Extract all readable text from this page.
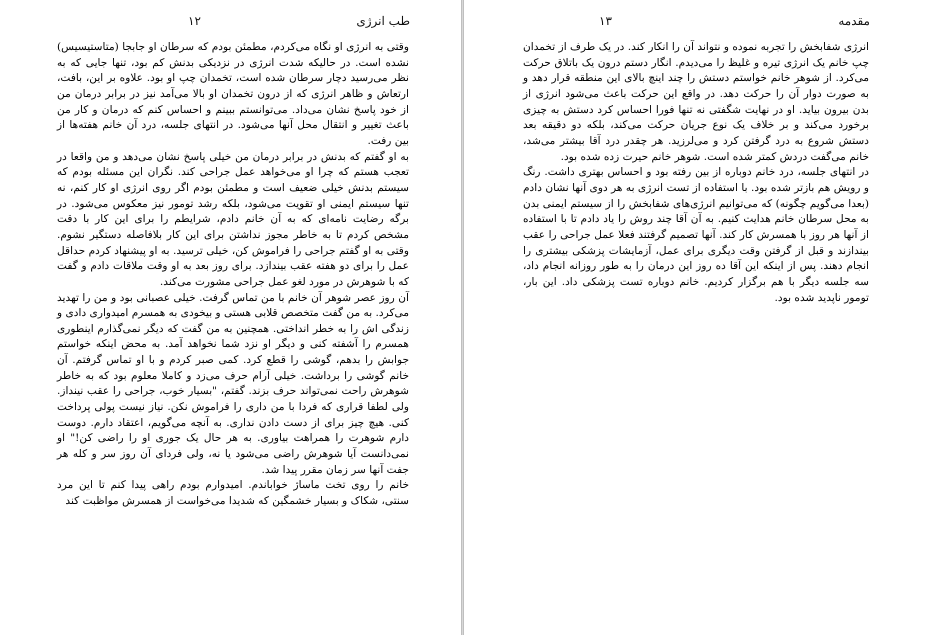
طب انرژی
۱۲

وقتی به انرژی او نگاه می‌کردم، مطمئن بودم که سرطان او جابجا (متاستیسیس) نشده است. در حالیکه شدت انرژی در نزدیکی بدنش کم بود، تنها جایی که به نظر می‌رسید دچار سرطان شده است، تخمدان چپ او بود. علاوه بر این، بافت، ارتعاش و ظاهر انرژی که از درون تخمدان او بالا می‌آمد نیز در برابر درمان من از خود پاسخ نشان می‌داد. می‌توانستم ببینم و احساس کنم که درمان و کار من باعث تغییر و انتقال محل آنها می‌شود. در انتهای جلسه، درد آن خانم هفته‌ها از بین رفت.

به او گفتم که بدنش در برابر درمان من خیلی پاسخ نشان می‌دهد و من واقعا در تعجب هستم که چرا او می‌خواهد عمل جراحی کند. نگران این مسئله بودم که سیستم بدنش خیلی ضعیف است و مطمئن بودم اگر روی انرژی او کار کنم، نه تنها سیستم ایمنی او تقویت می‌شود، بلکه رشد تومور نیز معکوس می‌شود. در برگه رضایت نامه‌ای که به آن خانم دادم، شرایطم را برای این کار با دقت مشخص کردم تا به خاطر مجوز نداشتن برای این کار بلافاصله دستگیر نشوم. وقتی به او گفتم جراحی را فراموش کن، خیلی ترسید. به او پیشنهاد کردم حداقل عمل را برای دو هفته عقب بیندازد. برای روز بعد به او وقت ملاقات دادم و گفت که با شوهرش در مورد لغو عمل جراحی مشورت می‌کند.

آن روز عصر شوهر آن خانم با من تماس گرفت. خیلی عصبانی بود و من را تهدید می‌کرد. به من گفت متخصص قلابی هستی و بیخودی به همسرم امیدواری دادی و زندگی اش را به خطر انداختی. همچنین به من گفت که دیگر نمی‌گذارم اینطوری همسرم را آشفته کنی و دیگر او نزد شما نخواهد آمد. به محض اینکه خواستم جوابش را بدهم، گوشی را قطع کرد. کمی صبر کردم و با او تماس گرفتم. آن خانم گوشی را برداشت. خیلی آرام حرف می‌زد و کاملا معلوم بود که به خاطر شوهرش راحت نمی‌تواند حرف بزند. گفتم، "بسیار خوب، جراحی را عقب نینداز. ولی لطفا قراری که فردا با من داری را فراموش نکن. نیاز نیست پولی پرداخت کنی. هیچ چیز برای از دست دادن نداری. به آنچه می‌گویم، اعتقاد دارم. دوست دارم شوهرت را همراهت بیاوری. به هر حال یک جوری او را راضی کن!" او نمی‌دانست آیا شوهرش راضی می‌شود یا نه، ولی فردای آن روز سر و کله هر جفت آنها سر زمان مقرر پیدا شد.

خانم را روی تخت ماساژ خواباندم. امیدوارم بودم راهی پیدا کنم تا این مرد سنتی، شکاک و بسیار خشمگین که شدیدا می‌خواست از همسرش مواظبت کند

مقدمه
۱۳

انرژی شفابخش را تجربه نموده و نتواند آن را انکار کند. در یک طرف از تخمدان چپ خانم یک انرژی تیره و غلیظ را می‌دیدم. انگار دستم درون یک باتلاق حرکت می‌کرد. از شوهر خانم خواستم دستش را چند اینچ بالای این منطقه قرار دهد و به صورت دوار آن را حرکت دهد. در واقع این حرکت باعث می‌شود انرژی از بدن بیرون بیاید. او در نهایت شگفتی نه تنها فورا احساس کرد دستش به چیزی برخورد می‌کند و بر خلاف یک نوع جریان حرکت می‌کند، بلکه دو دقیقه بعد دستش شروع به درد گرفتن کرد و می‌لرزید. هر چقدر درد آقا بیشتر می‌شد، خانم می‌گفت دردش کمتر شده است. شوهر خانم حیرت زده شده بود.

در انتهای جلسه، درد خانم دوباره از بین رفته بود و احساس بهتری داشت. رنگ و رویش هم بازتر شده بود. با استفاده از تست انرژی به هر دوی آنها نشان دادم (بعدا می‌گویم چگونه) که می‌توانیم انرژی‌های شفابخش را از سیستم ایمنی بدن به محل سرطان خانم هدایت کنیم. به آن آقا چند روش را یاد دادم تا با استفاده از آنها هر روز با همسرش کار کند. آنها تصمیم گرفتند فعلا عمل جراحی را عقب بیندازند و قبل از گرفتن وقت دیگری برای عمل، آزمایشات پزشکی بیشتری را انجام دهند. پس از اینکه این آقا ده روز این درمان را به طور روزانه انجام داد، سه جلسه دیگر با هم برگزار کردیم. خانم دوباره تست پزشکی داد. این بار، تومور ناپدید شده بود.
